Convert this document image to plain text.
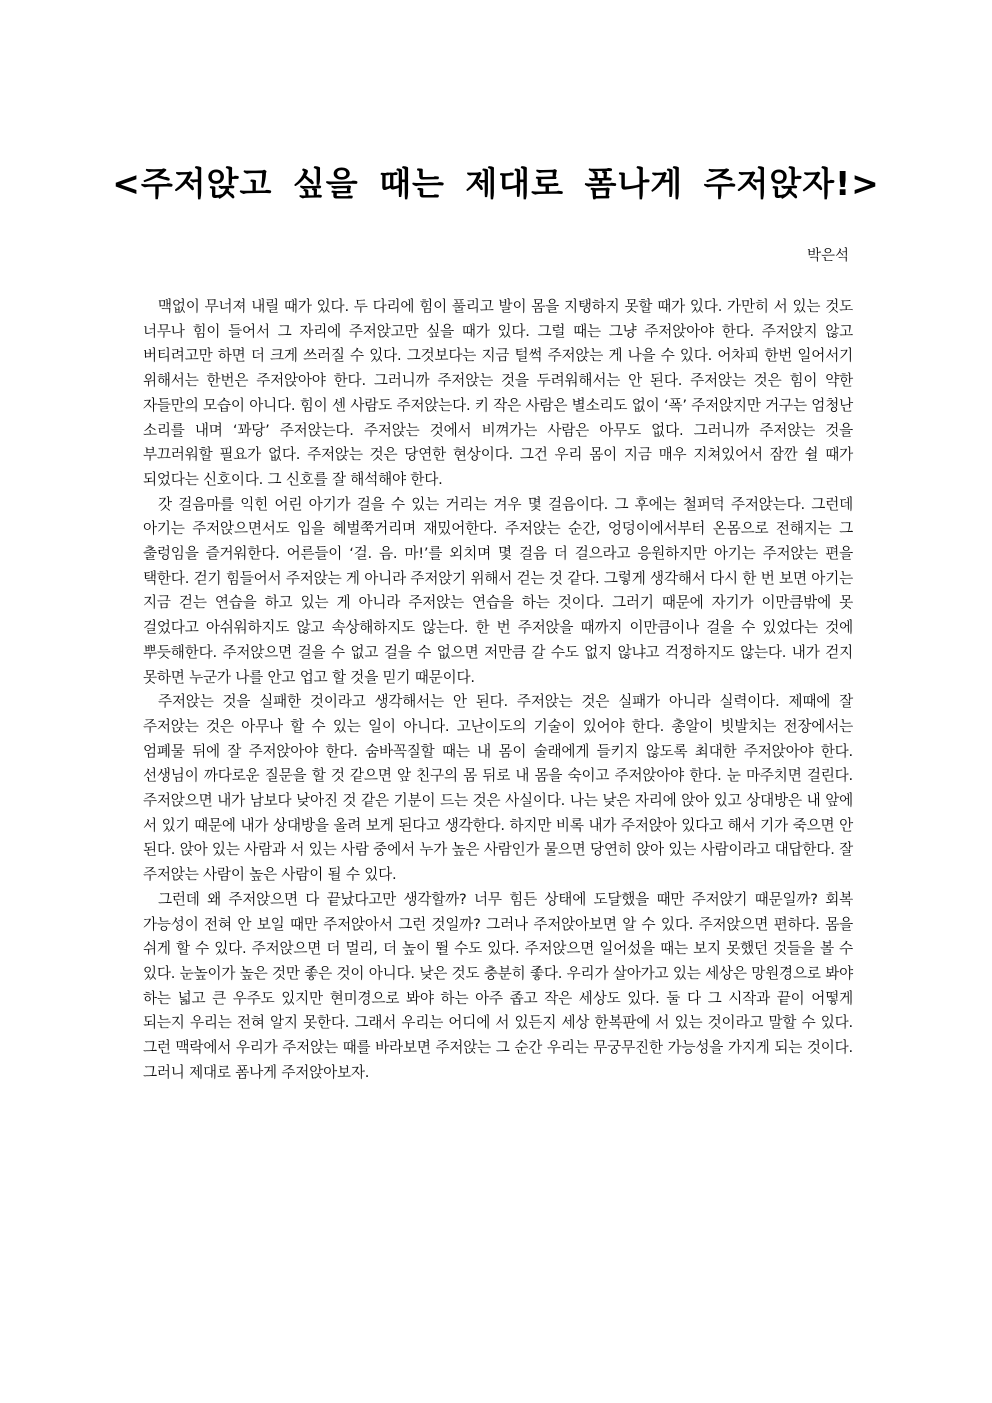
<주저앉고 싶을 때는 제대로 폼나게 주저앉자!>
박은석

맥없이 무너져 내릴 때가 있다. 두 다리에 힘이 풀리고 발이 몸을 지탱하지 못할 때가 있다. 가만히 서 있는 것도 너무나 힘이 들어서 그 자리에 주저앉고만 싶을 때가 있다. 그럴 때는 그냥 주저앉아야 한다. 주저앉지 않고 버티려고만 하면 더 크게 쓰러질 수 있다. 그것보다는 지금 털썩 주저앉는 게 나을 수 있다. 어차피 한번 일어서기 위해서는 한번은 주저앉아야 한다. 그러니까 주저앉는 것을 두려워해서는 안 된다. 주저앉는 것은 힘이 약한 자들만의 모습이 아니다. 힘이 센 사람도 주저앉는다. 키 작은 사람은 별소리도 없이 ‘폭’ 주저앉지만 거구는 엄청난 소리를 내며 ‘꽈당’ 주저앉는다. 주저앉는 것에서 비껴가는 사람은 아무도 없다. 그러니까 주저앉는 것을 부끄러워할 필요가 없다. 주저앉는 것은 당연한 현상이다. 그건 우리 몸이 지금 매우 지쳐있어서 잠깐 쉴 때가 되었다는 신호이다. 그 신호를 잘 해석해야 한다.

갓 걸음마를 익힌 어린 아기가 걸을 수 있는 거리는 겨우 몇 걸음이다. 그 후에는 철퍼덕 주저앉는다. 그런데 아기는 주저앉으면서도 입을 헤벌쭉거리며 재밌어한다. 주저앉는 순간, 엉덩이에서부터 온몸으로 전해지는 그 출렁임을 즐거워한다. 어른들이 ‘걸. 음. 마!’를 외치며 몇 걸음 더 걸으라고 응원하지만 아기는 주저앉는 편을 택한다. 걷기 힘들어서 주저앉는 게 아니라 주저앉기 위해서 걷는 것 같다. 그렇게 생각해서 다시 한 번 보면 아기는 지금 걷는 연습을 하고 있는 게 아니라 주저앉는 연습을 하는 것이다. 그러기 때문에 자기가 이만큼밖에 못 걸었다고 아쉬워하지도 않고 속상해하지도 않는다. 한 번 주저앉을 때까지 이만큼이나 걸을 수 있었다는 것에 뿌듯해한다. 주저앉으면 걸을 수 없고 걸을 수 없으면 저만큼 갈 수도 없지 않냐고 걱정하지도 않는다. 내가 걷지 못하면 누군가 나를 안고 업고 할 것을 믿기 때문이다.

주저앉는 것을 실패한 것이라고 생각해서는 안 된다. 주저앉는 것은 실패가 아니라 실력이다. 제때에 잘 주저앉는 것은 아무나 할 수 있는 일이 아니다. 고난이도의 기술이 있어야 한다. 총알이 빗발치는 전장에서는 엄폐물 뒤에 잘 주저앉아야 한다. 숨바꼭질할 때는 내 몸이 술래에게 들키지 않도록 최대한 주저앉아야 한다. 선생님이 까다로운 질문을 할 것 같으면 앞 친구의 몸 뒤로 내 몸을 숙이고 주저앉아야 한다. 눈 마주치면 걸린다. 주저앉으면 내가 남보다 낮아진 것 같은 기분이 드는 것은 사실이다. 나는 낮은 자리에 앉아 있고 상대방은 내 앞에 서 있기 때문에 내가 상대방을 올려 보게 된다고 생각한다. 하지만 비록 내가 주저앉아 있다고 해서 기가 죽으면 안 된다. 앉아 있는 사람과 서 있는 사람 중에서 누가 높은 사람인가 물으면 당연히 앉아 있는 사람이라고 대답한다. 잘 주저앉는 사람이 높은 사람이 될 수 있다.

그런데 왜 주저앉으면 다 끝났다고만 생각할까? 너무 힘든 상태에 도달했을 때만 주저앉기 때문일까? 회복 가능성이 전혀 안 보일 때만 주저앉아서 그런 것일까? 그러나 주저앉아보면 알 수 있다. 주저앉으면 편하다. 몸을 쉬게 할 수 있다. 주저앉으면 더 멀리, 더 높이 뛸 수도 있다. 주저앉으면 일어섰을 때는 보지 못했던 것들을 볼 수 있다. 눈높이가 높은 것만 좋은 것이 아니다. 낮은 것도 충분히 좋다. 우리가 살아가고 있는 세상은 망원경으로 봐야 하는 넓고 큰 우주도 있지만 현미경으로 봐야 하는 아주 좁고 작은 세상도 있다. 둘 다 그 시작과 끝이 어떻게 되는지 우리는 전혀 알지 못한다. 그래서 우리는 어디에 서 있든지 세상 한복판에 서 있는 것이라고 말할 수 있다. 그런 맥락에서 우리가 주저앉는 때를 바라보면 주저앉는 그 순간 우리는 무궁무진한 가능성을 가지게 되는 것이다. 그러니 제대로 폼나게 주저앉아보자.
